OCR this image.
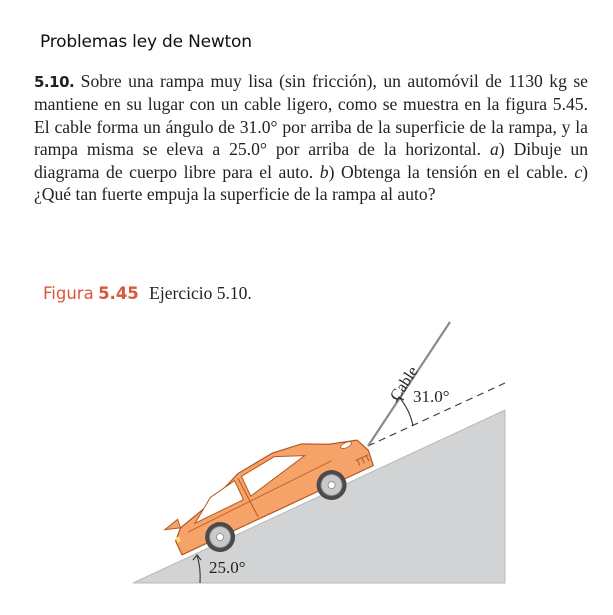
Problemas ley de Newton
5.10. Sobre una rampa muy lisa (sin fricción), un automóvil de 1130 kg se mantiene en su lugar con un cable ligero, como se muestra en la figura 5.45. El cable forma un ángulo de 31.0° por arriba de la superficie de la rampa, y la rampa misma se eleva a 25.0° por arriba de la horizontal. a) Dibuje un diagrama de cuerpo libre para el auto. b) Obtenga la tensión en el cable. c) ¿Qué tan fuerte empuja la superficie de la rampa al auto?
Figura 5.45 Ejercicio 5.10.
Cable
31.0°
25.0°
